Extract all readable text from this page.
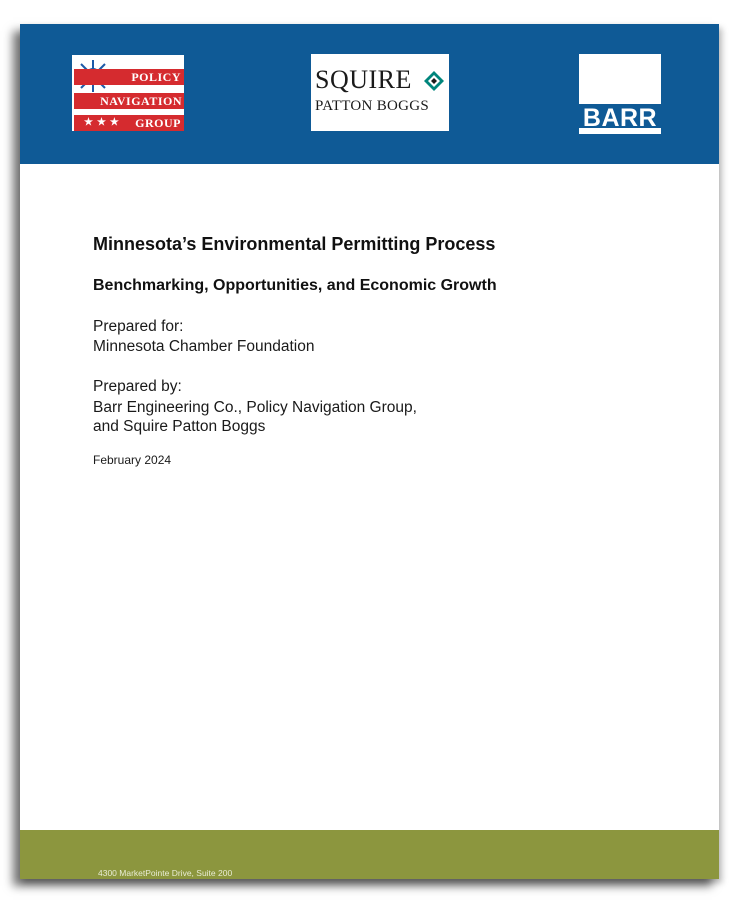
POLICY
NAVIGATION
★★★ GROUP
SQUIRE
PATTON BOGGS	BARR
Minnesota’s Environmental Permitting Process
Benchmarking, Opportunities, and Economic Growth

Prepared for:

Minnesota Chamber Foundation

Prepared by:

Barr Engineering Co., Policy Navigation Group,

and Squire Patton Boggs

February 2024
4300 MarketPointe Drive, Suite 200
